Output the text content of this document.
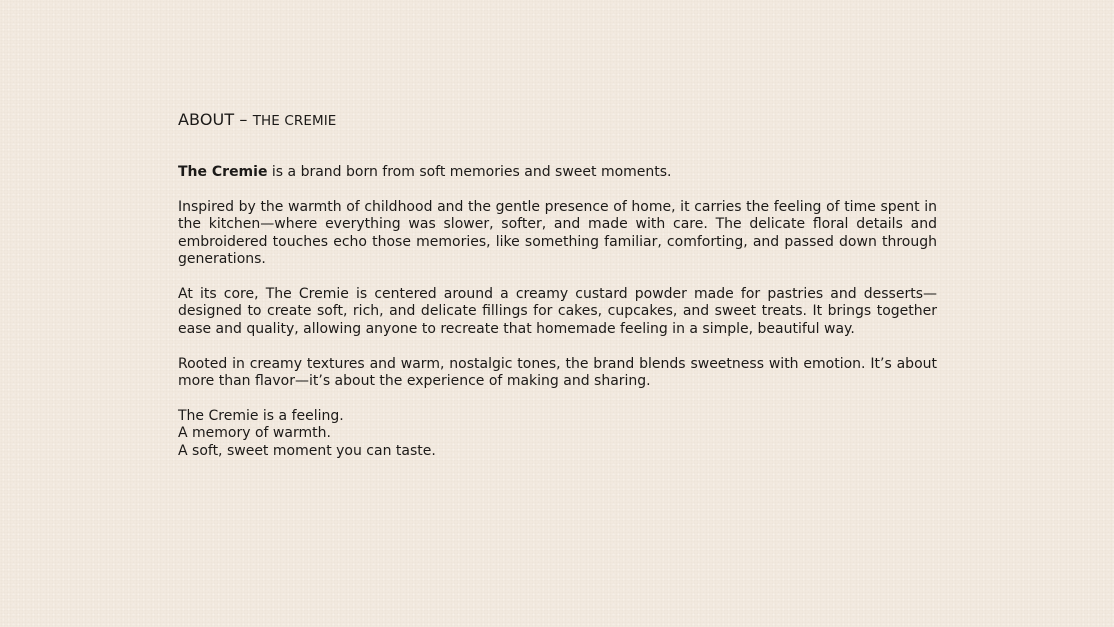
ABOUT – THE CREMIE

The Cremie is a brand born from soft memories and sweet moments.

Inspired by the warmth of childhood and the gentle presence of home, it carries the feeling of time spent in the kitchen—where everything was slower, softer, and made with care. The delicate floral details and embroidered touches echo those memories, like something familiar, comforting, and passed down through generations.

At its core, The Cremie is centered around a creamy custard powder made for pastries and desserts—designed to create soft, rich, and delicate fillings for cakes, cupcakes, and sweet treats. It brings together ease and quality, allowing anyone to recreate that homemade feeling in a simple, beautiful way.

Rooted in creamy textures and warm, nostalgic tones, the brand blends sweetness with emotion. It’s about more than flavor—it’s about the experience of making and sharing.

The Cremie is a feeling.
A memory of warmth.
A soft, sweet moment you can taste.
